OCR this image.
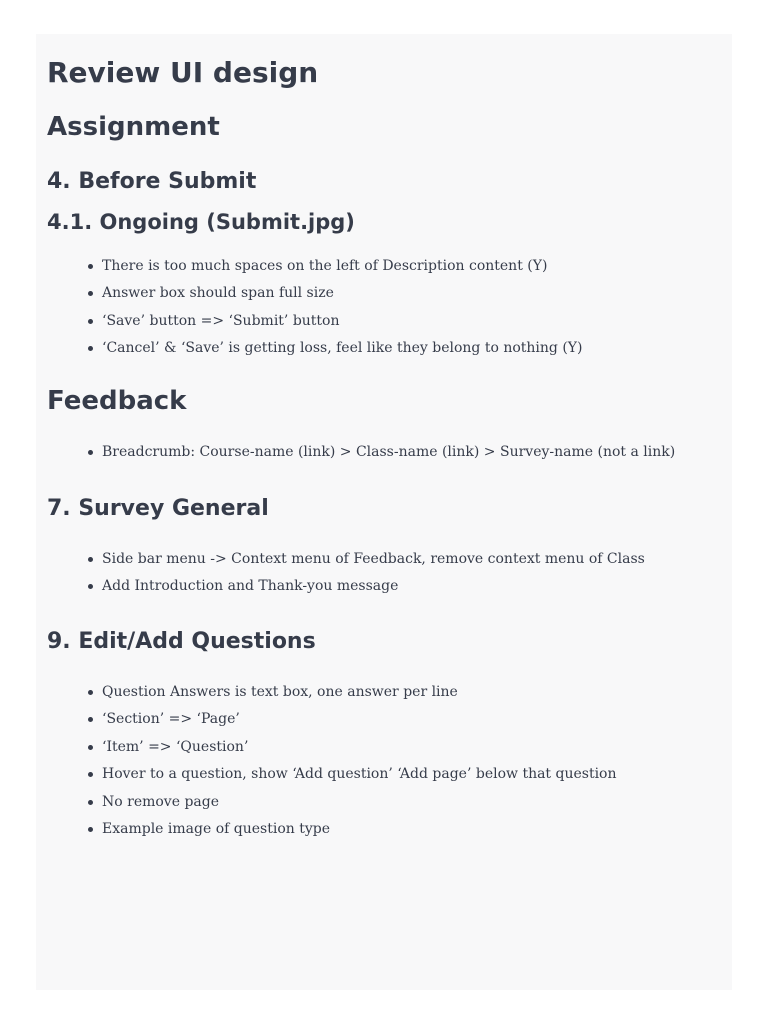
Review UI design
Assignment
4. Before Submit
4.1. Ongoing (Submit.jpg)
There is too much spaces on the left of Description content (Y)
Answer box should span full size
‘Save’ button => ‘Submit’ button
‘Cancel’ & ‘Save’ is getting loss, feel like they belong to nothing (Y)
Feedback
Breadcrumb: Course-name (link) > Class-name (link) > Survey-name (not a link)
7. Survey General
Side bar menu -> Context menu of Feedback, remove context menu of Class
Add Introduction and Thank-you message
9. Edit/Add Questions
Question Answers is text box, one answer per line
‘Section’ => ‘Page’
‘Item’ => ‘Question’
Hover to a question, show ‘Add question’ ‘Add page’ below that question
No remove page
Example image of question type
